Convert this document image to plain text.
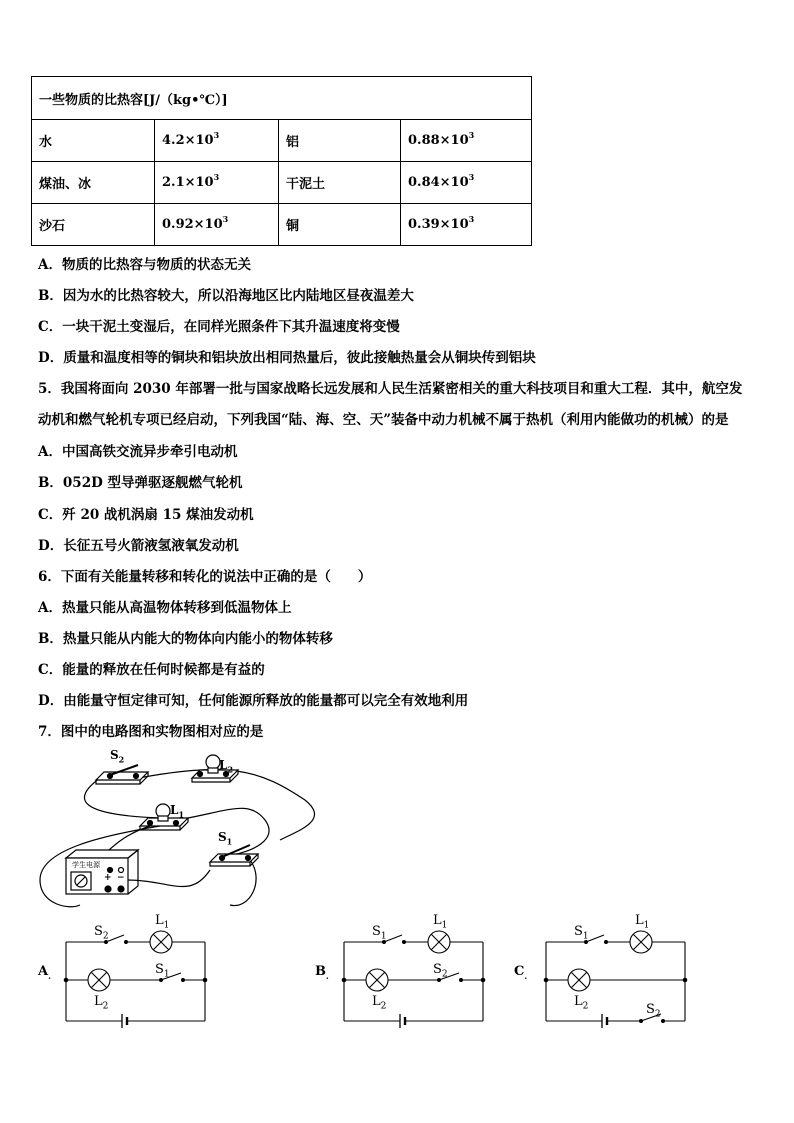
一些物质的比热容[J/（kg•℃）]			
水	$4.2\times 10^3$	铝	$0.88\times 10^3$
煤油、冰	$2.1\times 10^3$	干泥土	$0.84\times 10^3$
沙石	$0.92\times 10^3$	铜	$0.39\times 10^3$
A．物质的比热容与物质的状态无关
B．因为水的比热容较大，所以沿海地区比内陆地区昼夜温差大
C．一块干泥土变湿后，在同样光照条件下其升温速度将变慢
D．质量和温度相等的铜块和铝块放出相同热量后，彼此接触热量会从铜块传到铝块
5．我国将面向 2030 年部署一批与国家战略长远发展和人民生活紧密相关的重大科技项目和重大工程．其中，航空发
动机和燃气轮机专项已经启动，下列我国“陆、海、空、天”装备中动力机械不属于热机（利用内能做功的机械）的是
A．中国高铁交流异步牵引电动机
B．052D 型导弹驱逐舰燃气轮机
C．歼 20 战机涡扇 15 煤油发动机
D．长征五号火箭液氢液氧发动机
6．下面有关能量转移和转化的说法中正确的是（　　）
A．热量只能从高温物体转移到低温物体上
B．热量只能从内能大的物体向内能小的物体转移
C．能量的释放在任何时候都是有益的
D．由能量守恒定律可知，任何能源所释放的能量都可以完全有效地利用
7．图中的电路图和实物图相对应的是
$S_2$	$L_2$
$L_1$
$S_1$
学生电源
+ −
$A_.$
$S_2$
$L_1$
$L_2$
$S_1$	$B_.$
$S_1$
$L_1$
$L_2$
$S_2$	$C_.$
$S_1$
$L_1$
$L_2$	$S_2$
